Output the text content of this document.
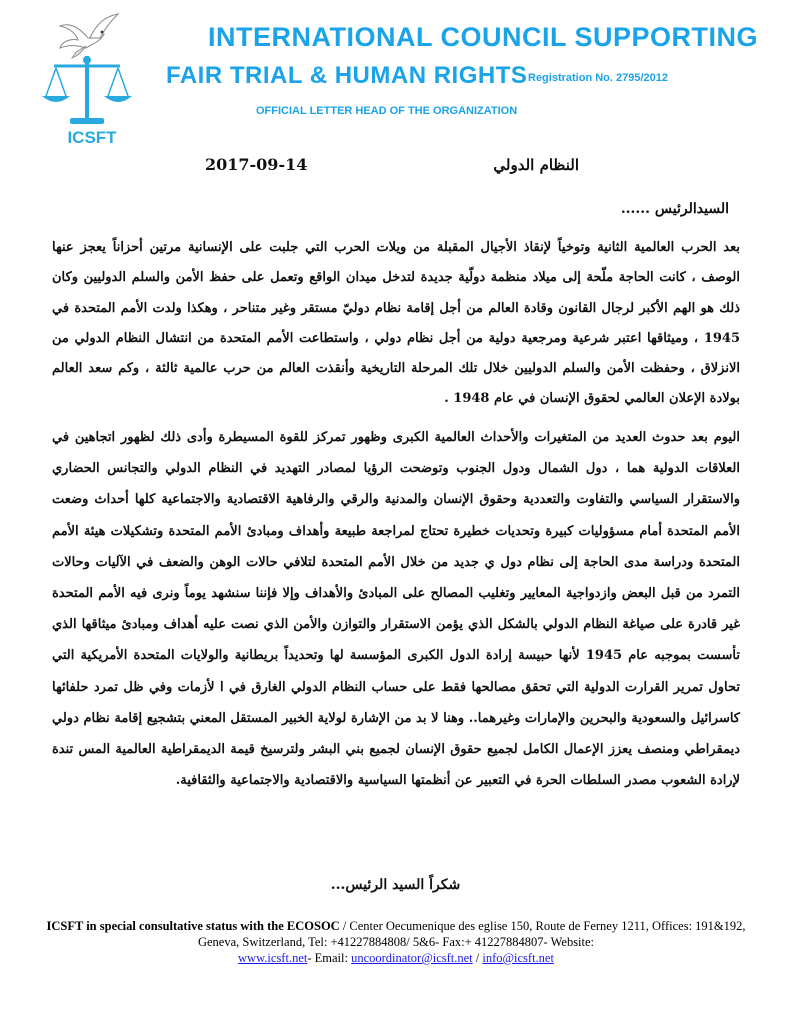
ICSFT
INTERNATIONAL COUNCIL SUPPORTING
FAIR TRIAL & HUMAN RIGHTS Registration No. 2795/2012
OFFICIAL LETTER HEAD OF THE ORGANIZATION
2017-09-14	النظام الدولي
السيدالرئيس ......
بعد الحرب العالمية الثانية وتوخياً لإنقاذ الأجيال المقبلة من ويلات الحرب التي جلبت على الإنسانية مرتين أحزاناً يعجز عنها الوصف ، كانت الحاجة ملّحة إلى ميلاد منظمة دولّية جديدة لتدخل ميدان الواقع وتعمل على حفظ الأمن والسلم الدوليين وكان ذلك هو الهم الأكبر لرجال القانون وقادة العالم من أجل إقامة نظام دوليّ مستقر وغير متناحر ، وهكذا ولدت الأمم المتحدة في 1945 ، وميثاقها اعتبر شرعية ومرجعية دولية من أجل نظام دولي ، واستطاعت الأمم المتحدة من انتشال النظام الدولي من الانزلاق ، وحفظت الأمن والسلم الدوليين خلال تلك المرحلة التاريخية وأنقذت العالم من حرب عالمية ثالثة ، وكم سعد العالم بولادة الإعلان العالمي لحقوق الإنسان في عام 1948 .
اليوم بعد حدوث العديد من المتغيرات والأحداث العالمية الكبرى وظهور تمركز للقوة المسيطرة وأدى ذلك لظهور اتجاهين في العلاقات الدولية هما ، دول الشمال ودول الجنوب وتوضحت الرؤيا لمصادر التهديد في النظام الدولي والتجانس الحضاري والاستقرار السياسي والتفاوت والتعددية وحقوق الإنسان والمدنية والرقي والرفاهية الاقتصادية والاجتماعية كلها أحداث وضعت الأمم المتحدة أمام مسؤوليات كبيرة وتحديات خطيرة تحتاج لمراجعة طبيعة وأهداف ومبادئ الأمم المتحدة وتشكيلات هيئة الأمم المتحدة ودراسة مدى الحاجة إلى نظام دول ي جديد من خلال الأمم المتحدة لتلافي حالات الوهن والضعف في الآليات وحالات التمرد من قبل البعض وازدواجية المعايير وتغليب المصالح على المبادئ والأهداف وإلا فإننا سنشهد يوماً ونرى فيه الأمم المتحدة غير قادرة على صياغة النظام الدولي بالشكل الذي يؤمن الاستقرار والتوازن والأمن الذي نصت عليه أهداف ومبادئ ميثاقها الذي تأسست بموجبه عام 1945 لأنها حبيسة إرادة الدول الكبرى المؤسسة لها وتحديداً بريطانية والولايات المتحدة الأمريكية التي تحاول تمرير القرارت الدولية التي تحقق مصالحها فقط على حساب النظام الدولي الغارق في ا لأزمات وفي ظل تمرد حلفائها كاسرائيل والسعودية والبحرين والإمارات وغيرهما.. وهنا لا بد من الإشارة لولاية الخبير المستقل المعني بتشجيع إقامة نظام دولي ديمقراطي ومنصف يعزز الإعمال الكامل لجميع حقوق الإنسان لجميع بني البشر ولترسيخ قيمة الديمقراطية العالمية المس تندة لإرادة الشعوب مصدر السلطات الحرة في التعبير عن أنظمتها السياسية والاقتصادية والاجتماعية والثقافية.
شكراً السيد الرئيس...
ICSFT in special consultative status with the ECOSOC / Center Oecumenique des eglise 150, Route de Ferney 1211, Offices: 191&192, Geneva, Switzerland, Tel: +41227884808/ 5&6- Fax:+ 41227884807- Website:
www.icsft.net- Email: uncoordinator@icsft.net / info@icsft.net
